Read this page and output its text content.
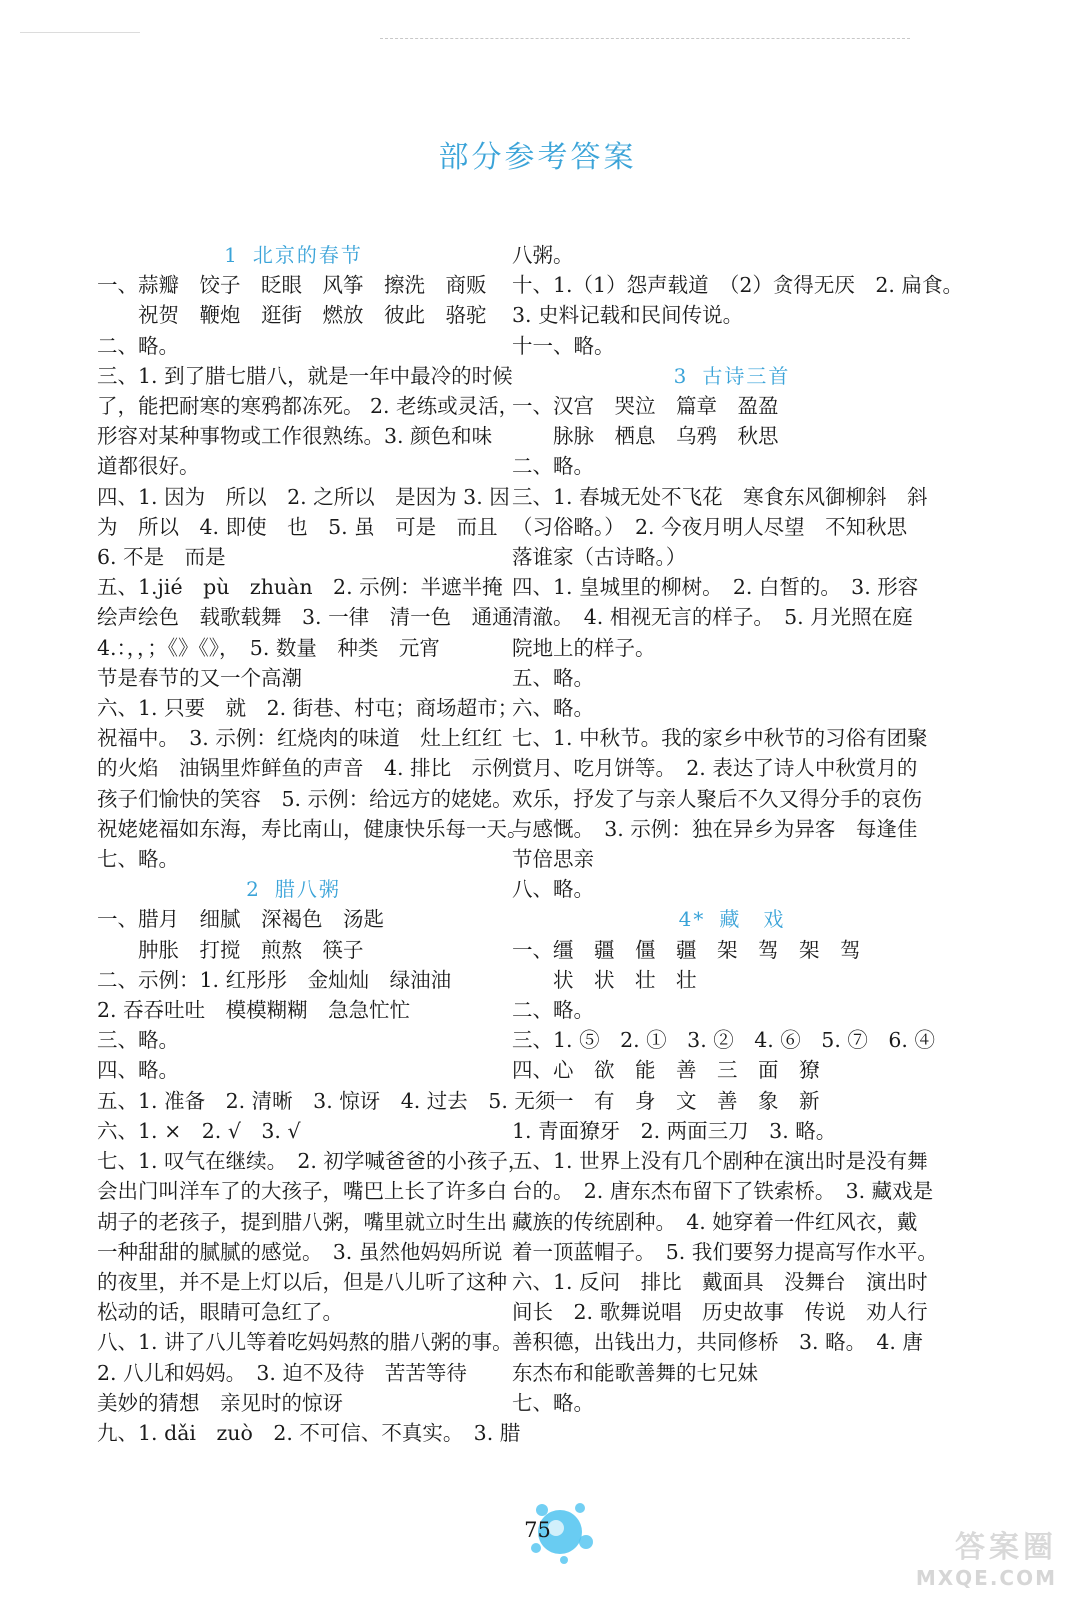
部分参考答案
1 北京的春节
一、蒜瓣　饺子　眨眼　风筝　擦洗　商贩
　　祝贺　鞭炮　逛街　燃放　彼此　骆驼
二、略。
三、1. 到了腊七腊八，就是一年中最冷的时候
了，能把耐寒的寒鸦都冻死。 2. 老练或灵活，
形容对某种事物或工作很熟练。3. 颜色和味
道都很好。
四、1. 因为　所以　2. 之所以　是因为 3. 因
为　所以　4. 即使　也　5. 虽　可是　而且
6. 不是　而是
五、1.jié　pù　zhuàn　2. 示例：半遮半掩
绘声绘色　载歌载舞　3. 一律　清一色　通通
4.：，，；《》《》，　5. 数量　种类　元宵
节是春节的又一个高潮
六、1. 只要　就　2. 街巷、村屯；商场超市；
祝福中。　3. 示例：红烧肉的味道　灶上红红
的火焰　油锅里炸鲜鱼的声音　4. 排比　示例：
孩子们愉快的笑容　5. 示例：给远方的姥姥。
祝姥姥福如东海，寿比南山，健康快乐每一天。
七、略。
2 腊八粥
一、腊月　细腻　深褐色　汤匙
　　肿胀　打搅　煎熬　筷子
二、示例：1. 红彤彤　金灿灿　绿油油
2. 吞吞吐吐　模模糊糊　急急忙忙
三、略。
四、略。
五、1. 准备　2. 清晰　3. 惊讶　4. 过去　5. 无须
六、1. ×　2. √　3. √
七、1. 叹气在继续。　2. 初学喊爸爸的小孩子，
会出门叫洋车了的大孩子，嘴巴上长了许多白
胡子的老孩子，提到腊八粥，嘴里就立时生出
一种甜甜的腻腻的感觉。　3. 虽然他妈妈所说
的夜里，并不是上灯以后，但是八儿听了这种
松动的话，眼睛可急红了。
八、1. 讲了八儿等着吃妈妈熬的腊八粥的事。
2. 八儿和妈妈。　3. 迫不及待　苦苦等待
美妙的猜想　亲见时的惊讶
九、1. dǎi　zuò　2. 不可信、不真实。　3. 腊
八粥。
十、1.（1）怨声载道　（2）贪得无厌　2. 扁食。
3. 史料记载和民间传说。
十一、略。
3 古诗三首
一、汉宫　哭泣　篇章　盈盈
　　脉脉　栖息　乌鸦　秋思
二、略。
三、1. 春城无处不飞花　寒食东风御柳斜　斜
（习俗略。）　2. 今夜月明人尽望　不知秋思
落谁家（古诗略。）
四、1. 皇城里的柳树。　2. 白皙的。　3. 形容
清澈。　4. 相视无言的样子。　5. 月光照在庭
院地上的样子。
五、略。
六、略。
七、1. 中秋节。我的家乡中秋节的习俗有团聚
赏月、吃月饼等。　2. 表达了诗人中秋赏月的
欢乐，抒发了与亲人聚后不久又得分手的哀伤
与感慨。　3. 示例：独在异乡为异客　每逢佳
节倍思亲
八、略。
4* 藏　戏
一、缰　疆　僵　疆　架　驾　架　驾
　　状　状　壮　壮
二、略。
三、1. ⑤　2. ①　3. ②　4. ⑥　5. ⑦　6. ④
四、心　欲　能　善　三　面　獠
　　一　有　身　文　善　象　新
1. 青面獠牙　2. 两面三刀　3. 略。
五、1. 世界上没有几个剧种在演出时是没有舞
台的。　2. 唐东杰布留下了铁索桥。　3. 藏戏是
藏族的传统剧种。　4. 她穿着一件红风衣，戴
着一顶蓝帽子。　5. 我们要努力提高写作水平。
六、1. 反问　排比　戴面具　没舞台　演出时
间长　2. 歌舞说唱　历史故事　传说　劝人行
善积德，出钱出力，共同修桥　3. 略。　4. 唐
东杰布和能歌善舞的七兄妹
七、略。
75	答案圈
MXQE.COM
